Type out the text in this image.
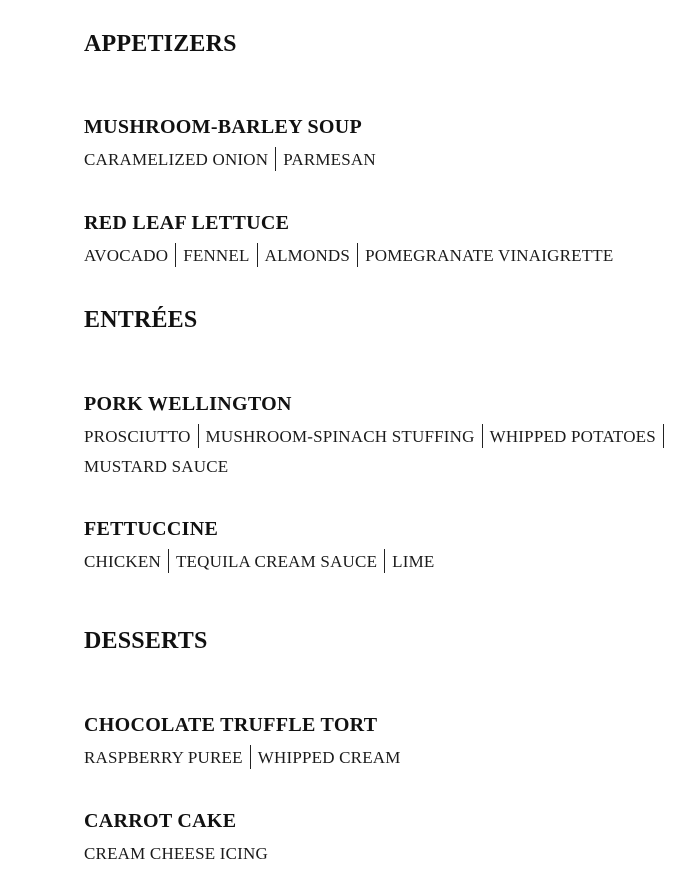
APPETIZERS
MUSHROOM-BARLEY SOUP
CARAMELIZED ONION PARMESAN
RED LEAF LETTUCE
AVOCADO FENNEL ALMONDS POMEGRANATE VINAIGRETTE
ENTRÉES
PORK WELLINGTON
PROSCIUTTO MUSHROOM-SPINACH STUFFING WHIPPED POTATOES
MUSTARD SAUCE
FETTUCCINE
CHICKEN TEQUILA CREAM SAUCE LIME
DESSERTS
CHOCOLATE TRUFFLE TORT
RASPBERRY PUREE WHIPPED CREAM
CARROT CAKE
CREAM CHEESE ICING
